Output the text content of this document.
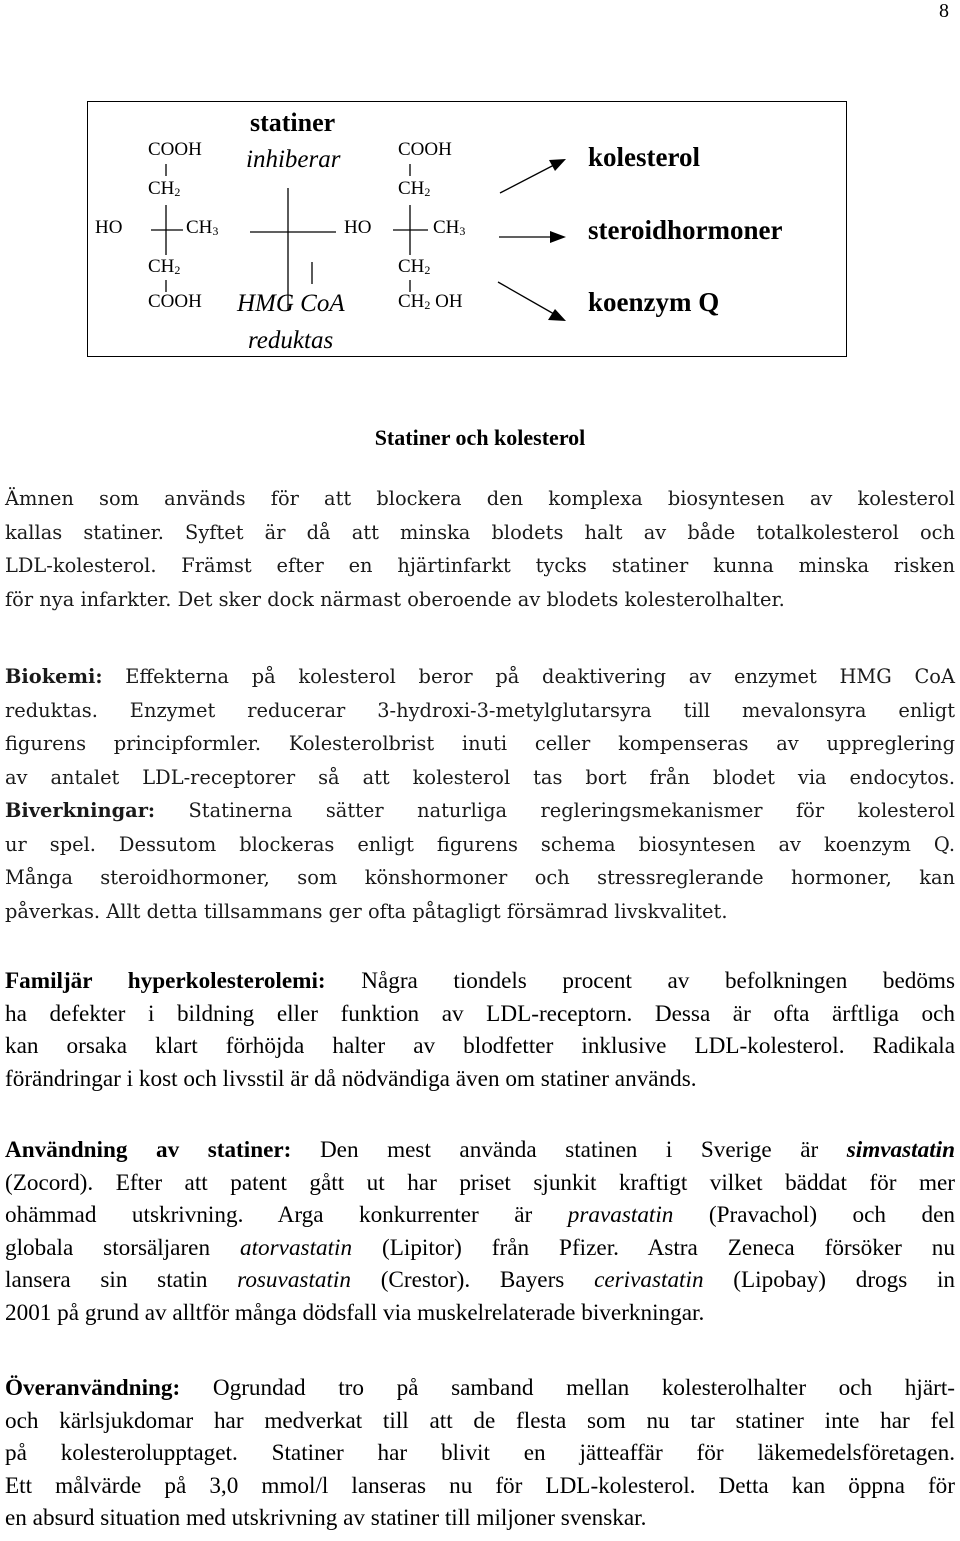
8
COOH
$CH_2$
HO	$CH_3$
$CH_2$
COOH
statiner
inhiberar
HMG CoA
reduktas
COOH
$CH_2$
HO	$CH_3$
$CH_2$
$CH_2$ OH
kolesterol
steroidhormoner
koenzym Q
Statiner och kolesterol
Ämnen som används för att blockera den komplexa biosyntesen av kolesterol
kallas statiner. Syftet är då att minska blodets halt av både totalkolesterol och
LDL-kolesterol. Främst efter en hjärtinfarkt tycks statiner kunna minska risken
för nya infarkter. Det sker dock närmast oberoende av blodets kolesterolhalter.
Biokemi: Effekterna på kolesterol beror på deaktivering av enzymet HMG CoA
reduktas. Enzymet reducerar 3-hydroxi-3-metylglutarsyra till mevalonsyra enligt
figurens principformler. Kolesterolbrist inuti celler kompenseras av uppreglering
av antalet LDL-receptorer så att kolesterol tas bort från blodet via endocytos.
Biverkningar: Statinerna sätter naturliga regleringsmekanismer för kolesterol
ur spel. Dessutom blockeras enligt figurens schema biosyntesen av koenzym Q.
Många steroidhormoner, som könshormoner och stressreglerande hormoner, kan
påverkas. Allt detta tillsammans ger ofta påtagligt försämrad livskvalitet.
Familjär hyperkolesterolemi: Några tiondels procent av befolkningen bedöms
ha defekter i bildning eller funktion av LDL-receptorn. Dessa är ofta ärftliga och
kan orsaka klart förhöjda halter av blodfetter inklusive LDL-kolesterol. Radikala
förändringar i kost och livsstil är då nödvändiga även om statiner används.
Användning av statiner: Den mest använda statinen i Sverige är simvastatin
(Zocord). Efter att patent gått ut har priset sjunkit kraftigt vilket bäddat för mer
ohämmad utskrivning. Arga konkurrenter är pravastatin (Pravachol) och den
globala storsäljaren atorvastatin (Lipitor) från Pfizer. Astra Zeneca försöker nu
lansera sin statin rosuvastatin (Crestor). Bayers cerivastatin (Lipobay) drogs in
2001 på grund av alltför många dödsfall via muskelrelaterade biverkningar.
Överanvändning: Ogrundad tro på samband mellan kolesterolhalter och hjärt-
och kärlsjukdomar har medverkat till att de flesta som nu tar statiner inte har fel
på kolesterolupptaget. Statiner har blivit en jätteaffär för läkemedelsföretagen.
Ett målvärde på 3,0 mmol/l lanseras nu för LDL-kolesterol. Detta kan öppna för
en absurd situation med utskrivning av statiner till miljoner svenskar.
